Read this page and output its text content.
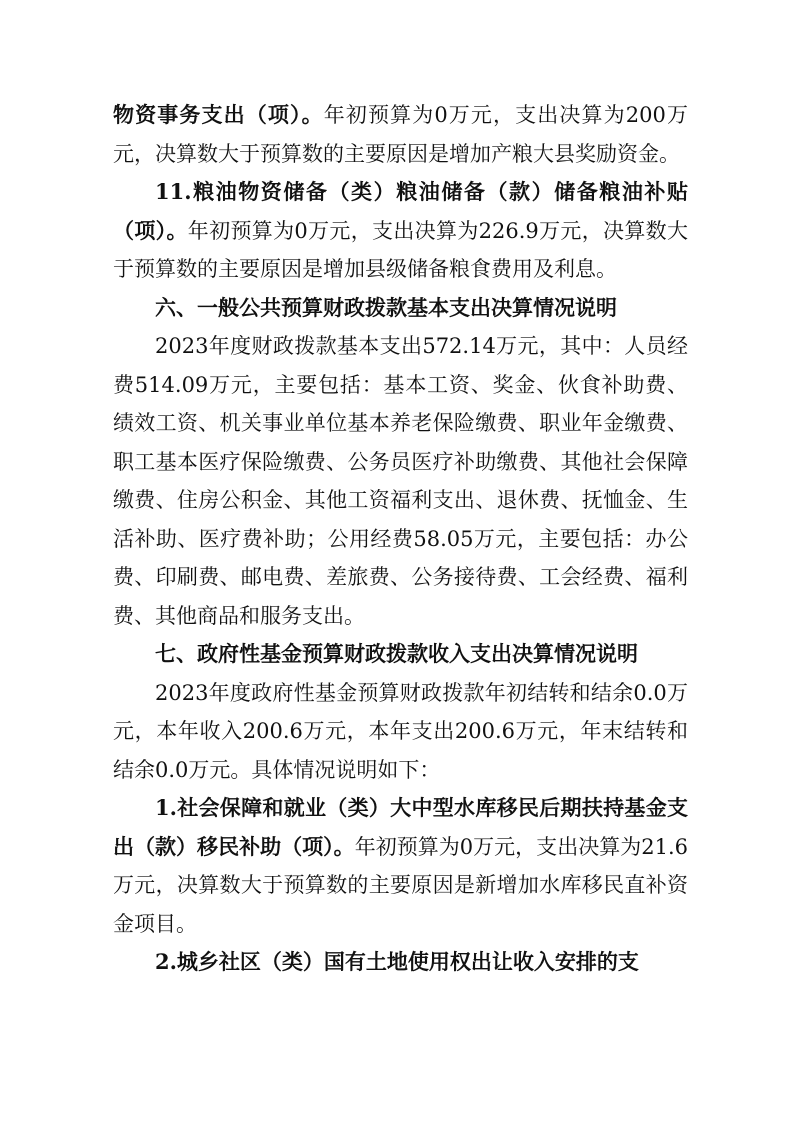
物资事务支出（项）。年初预算为0万元，支出决算为200万元，决算数大于预算数的主要原因是增加产粮大县奖励资金。

11.粮油物资储备（类）粮油储备（款）储备粮油补贴（项）。年初预算为0万元，支出决算为226.9万元，决算数大于预算数的主要原因是增加县级储备粮食费用及利息。

六、一般公共预算财政拨款基本支出决算情况说明

2023年度财政拨款基本支出572.14万元，其中：人员经费514.09万元，主要包括：基本工资、奖金、伙食补助费、绩效工资、机关事业单位基本养老保险缴费、职业年金缴费、职工基本医疗保险缴费、公务员医疗补助缴费、其他社会保障缴费、住房公积金、其他工资福利支出、退休费、抚恤金、生活补助、医疗费补助；公用经费58.05万元，主要包括：办公费、印刷费、邮电费、差旅费、公务接待费、工会经费、福利费、其他商品和服务支出。

七、政府性基金预算财政拨款收入支出决算情况说明

2023年度政府性基金预算财政拨款年初结转和结余0.0万元，本年收入200.6万元，本年支出200.6万元，年末结转和结余0.0万元。具体情况说明如下：

1.社会保障和就业（类）大中型水库移民后期扶持基金支出（款）移民补助（项）。年初预算为0万元，支出决算为21.6万元，决算数大于预算数的主要原因是新增加水库移民直补资金项目。

2.城乡社区（类）国有土地使用权出让收入安排的支
